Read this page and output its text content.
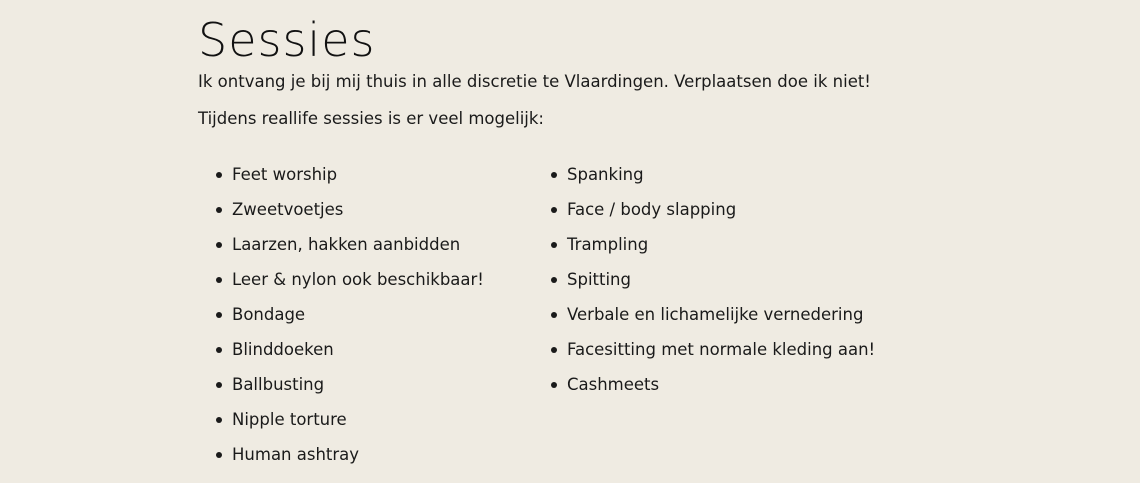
Sessies

Ik ontvang je bij mij thuis in alle discretie te Vlaardingen. Verplaatsen doe ik niet!

Tijdens reallife sessies is er veel mogelijk:

Feet worship
Zweetvoetjes
Laarzen, hakken aanbidden
Leer & nylon ook beschikbaar!
Bondage
Blinddoeken
Ballbusting
Nipple torture
Human ashtray
Spanking
Face / body slapping
Trampling
Spitting
Verbale en lichamelijke vernedering
Facesitting met normale kleding aan!
Cashmeets
